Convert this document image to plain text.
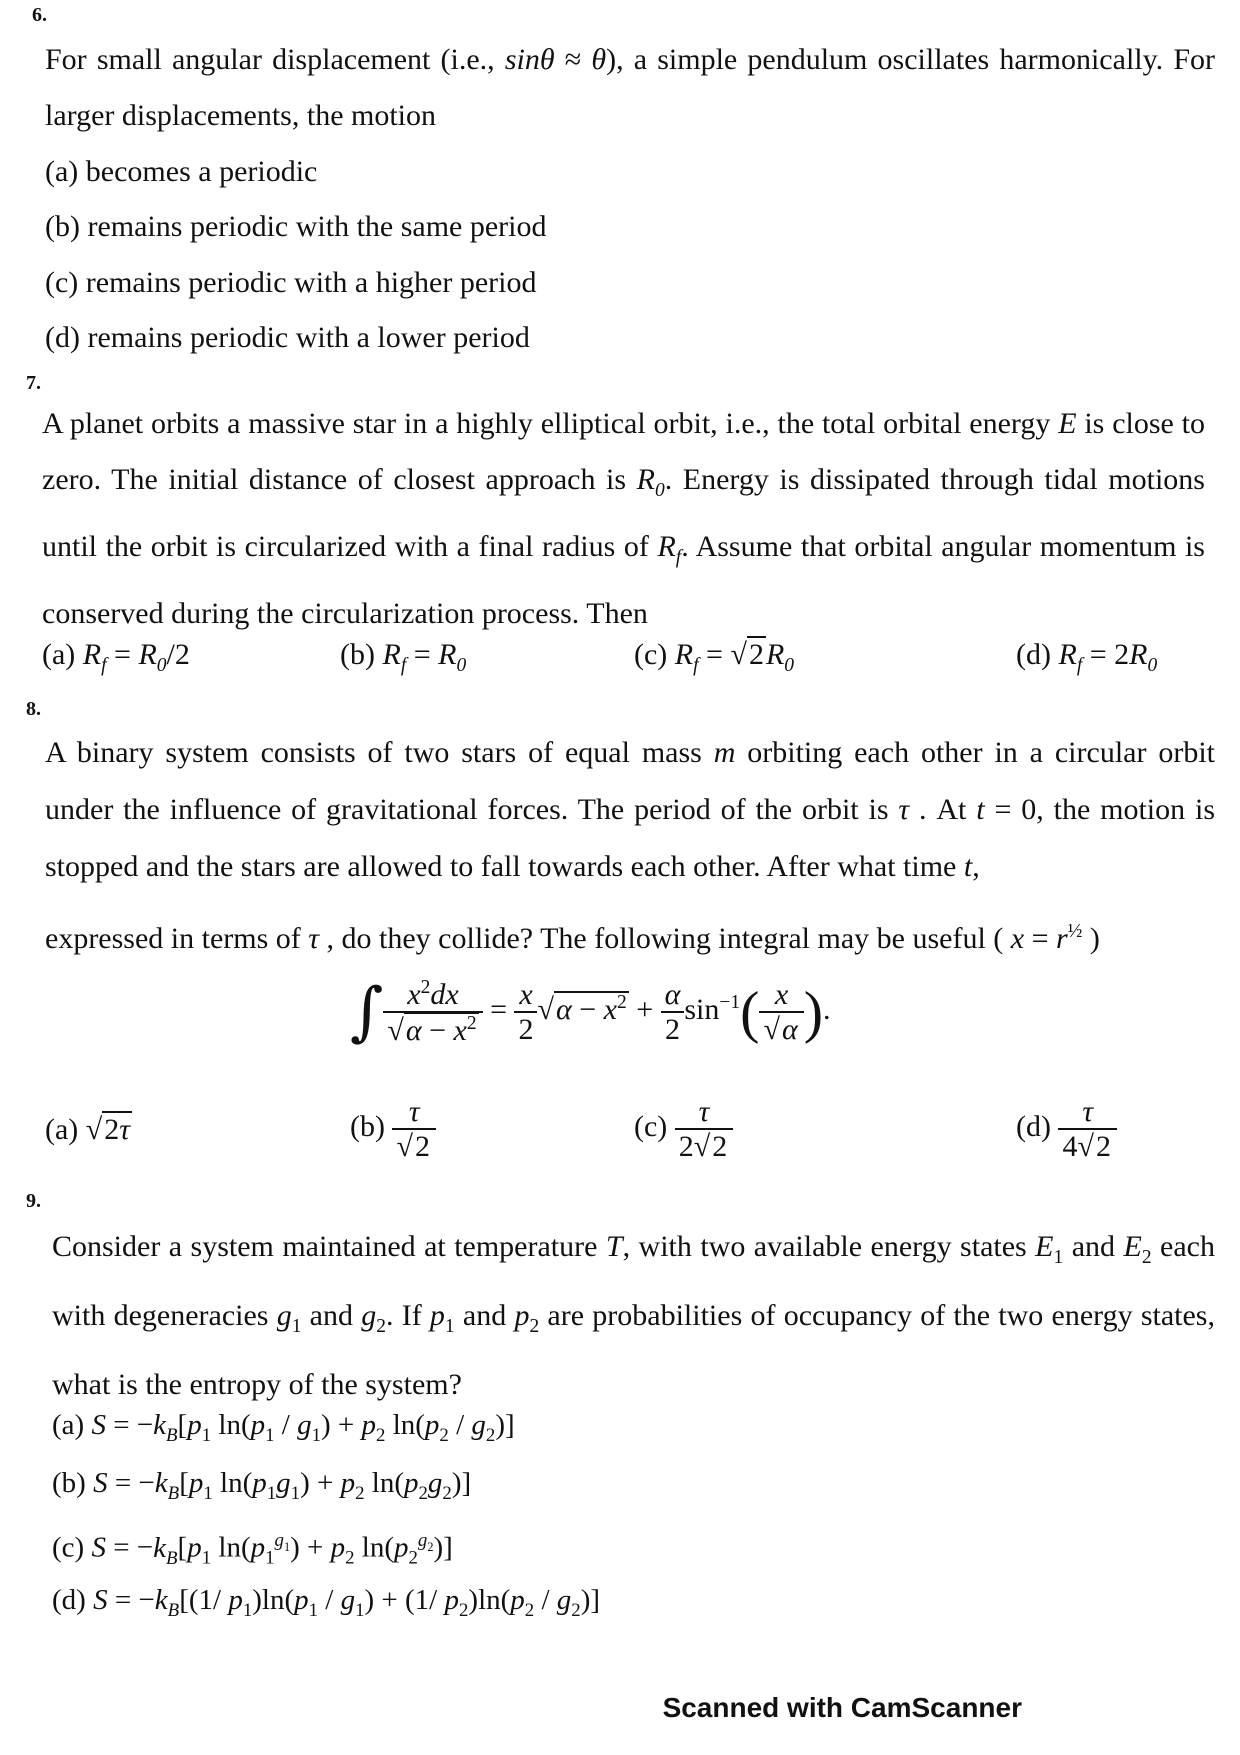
6.
For small angular displacement (i.e., sinθ ≈ θ), a simple pendulum oscillates harmonically. For larger displacements, the motion
(a) becomes a periodic
(b) remains periodic with the same period
(c) remains periodic with a higher period
(d) remains periodic with a lower period
7.
A planet orbits a massive star in a highly elliptical orbit, i.e., the total orbital energy E is close to zero. The initial distance of closest approach is $R_0$. Energy is dissipated through tidal motions until the orbit is circularized with a final radius of $R_f$. Assume that orbital angular momentum is conserved during the circularization process. Then
(a) $R_f = R_0/2$	(b) $R_f = R_0$	(c) $R_f = √2R_0$	(d) $R_f = 2R_0$
8.
A binary system consists of two stars of equal mass m orbiting each other in a circular orbit under the influence of gravitational forces. The period of the orbit is τ . At t = 0, the motion is stopped and the stars are allowed to fall towards each other. After what time t,
expressed in terms of τ , do they collide? The following integral may be useful ( $x = r^{\frac{1}{2}}$ )
∫ $\frac{x^2dx}{√\alpha - x^2} = \frac{x}{2} √\alpha - x^2 + \frac{\alpha}{2} \sin^{-1}( \frac{x}{√\alpha}$ ).
(a) √2τ	$(b) \frac{\tau}{√2}$	$(c) \frac{\tau}{2√2}$	$(d) \frac{\tau}{4√2}$
9.
Consider a system maintained at temperature T, with two available energy states $E_1$ and $E_2$ each with degeneracies $g_1$ and $g_2$. If $p_1$ and $p_2$ are probabilities of occupancy of the two energy states, what is the entropy of the system?
(a) $S = -k_B[p_1$ $\ln(p_1 / g_1) + p_2$ $\ln(p_2 / g_2)$]
(b) $S = -k_B[p_1$ $\ln(p_1g_1) + p_2$ $\ln(p_2g_2)$]
(c) $S = -k_B[p_1$ $\ln(p_1^{g_1}) + p_2$ $\ln(p_2^{g_2})$]
(d) $S = -k_B[(1/$ $p_1)\ln(p_1 / g_1) + (1/$ $p_2)\ln(p_2 / g_2)$]
Scanned with CamScanner
